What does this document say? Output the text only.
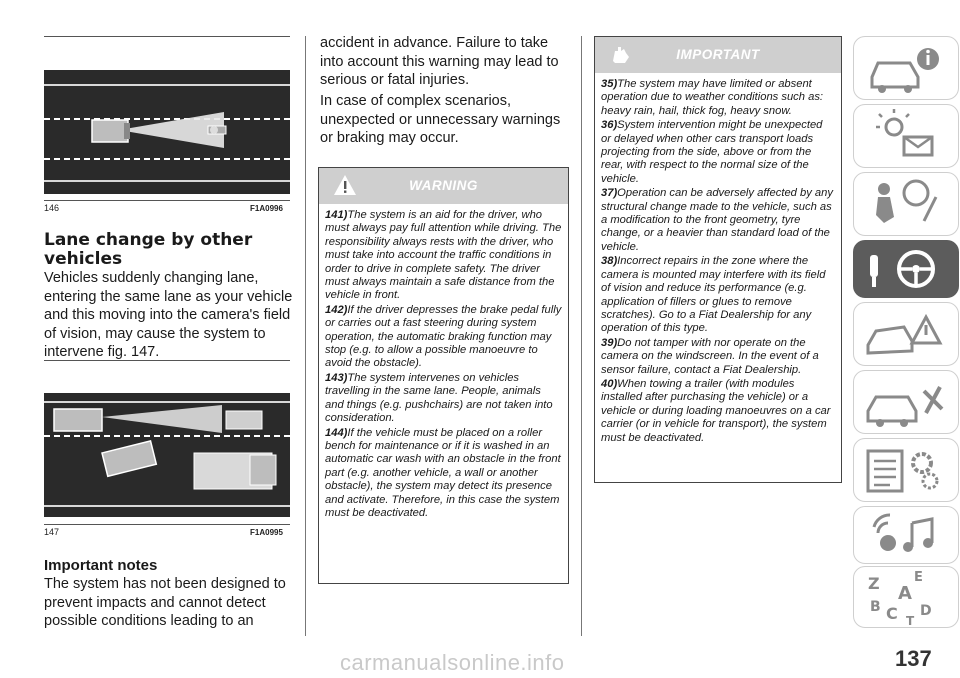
146	F1A0996
Lane change by other vehicles

Vehicles suddenly changing lane, entering the same lane as your vehicle and this moving into the camera's field of vision, may cause the system to intervene fig. 147.

147	F1A0995
Important notes

The system has not been designed to prevent impacts and cannot detect possible conditions leading to an

accident in advance. Failure to take into account this warning may lead to serious or fatal injuries.

In case of complex scenarios, unexpected or unnecessary warnings or braking may occur.

WARNING

141)The system is an aid for the driver, who must always pay full attention while driving. The responsibility always rests with the driver, who must take into account the traffic conditions in order to drive in complete safety. The driver must always maintain a safe distance from the vehicle in front.

142)If the driver depresses the brake pedal fully or carries out a fast steering during system operation, the automatic braking function may stop (e.g. to allow a possible manoeuvre to avoid the obstacle).

143)The system intervenes on vehicles travelling in the same lane. People, animals and things (e.g. pushchairs) are not taken into consideration.

144)If the vehicle must be placed on a roller bench for maintenance or if it is washed in an automatic car wash with an obstacle in the front part (e.g. another vehicle, a wall or another obstacle), the system may detect its presence and activate. Therefore, in this case the system must be deactivated.

IMPORTANT

35)The system may have limited or absent operation due to weather conditions such as: heavy rain, hail, thick fog, heavy snow.

36)System intervention might be unexpected or delayed when other cars transport loads projecting from the side, above or from the rear, with respect to the normal size of the vehicle.

37)Operation can be adversely affected by any structural change made to the vehicle, such as a modification to the front geometry, tyre change, or a heavier than standard load of the vehicle.

38)Incorrect repairs in the zone where the camera is mounted may interfere with its field of vision and reduce its performance (e.g. application of fillers or glues to remove scratches). Go to a Fiat Dealership for any operation of this type.

39)Do not tamper with nor operate on the camera on the windscreen. In the event of a sensor failure, contact a Fiat Dealership.

40)When towing a trailer (with modules installed after purchasing the vehicle) or a vehicle or during loading manoeuvres on a car carrier (or in vehicle for transport), the system must be deactivated.

Z	E
A
B C D
T
137
carmanualsonline.info
